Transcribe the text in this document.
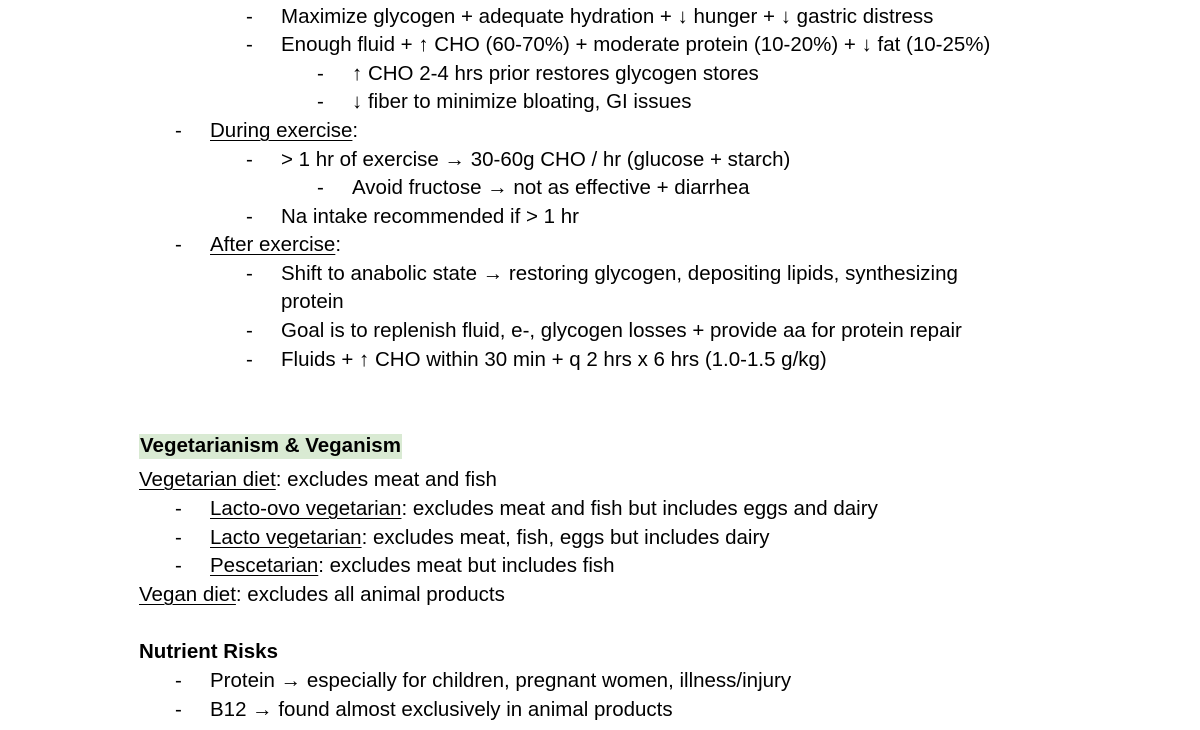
- Maximize glycogen + adequate hydration + ↓ hunger + ↓ gastric distress
- Enough fluid + ↑ CHO (60-70%) + moderate protein (10-20%) + ↓ fat (10-25%)
- ↑ CHO 2-4 hrs prior restores glycogen stores
- ↓ fiber to minimize bloating, GI issues
- During exercise:
- > 1 hr of exercise → 30-60g CHO / hr (glucose + starch)
- Avoid fructose → not as effective + diarrhea
- Na intake recommended if > 1 hr
- After exercise:
- Shift to anabolic state → restoring glycogen, depositing lipids, synthesizing
protein
- Goal is to replenish fluid, e-, glycogen losses + provide aa for protein repair
- Fluids + ↑ CHO within 30 min + q 2 hrs x 6 hrs (1.0-1.5 g/kg)
Vegetarianism & Veganism
Vegetarian diet: excludes meat and fish
- Lacto-ovo vegetarian: excludes meat and fish but includes eggs and dairy
- Lacto vegetarian: excludes meat, fish, eggs but includes dairy
- Pescetarian: excludes meat but includes fish
Vegan diet: excludes all animal products
Nutrient Risks
- Protein → especially for children, pregnant women, illness/injury
- B12 → found almost exclusively in animal products
